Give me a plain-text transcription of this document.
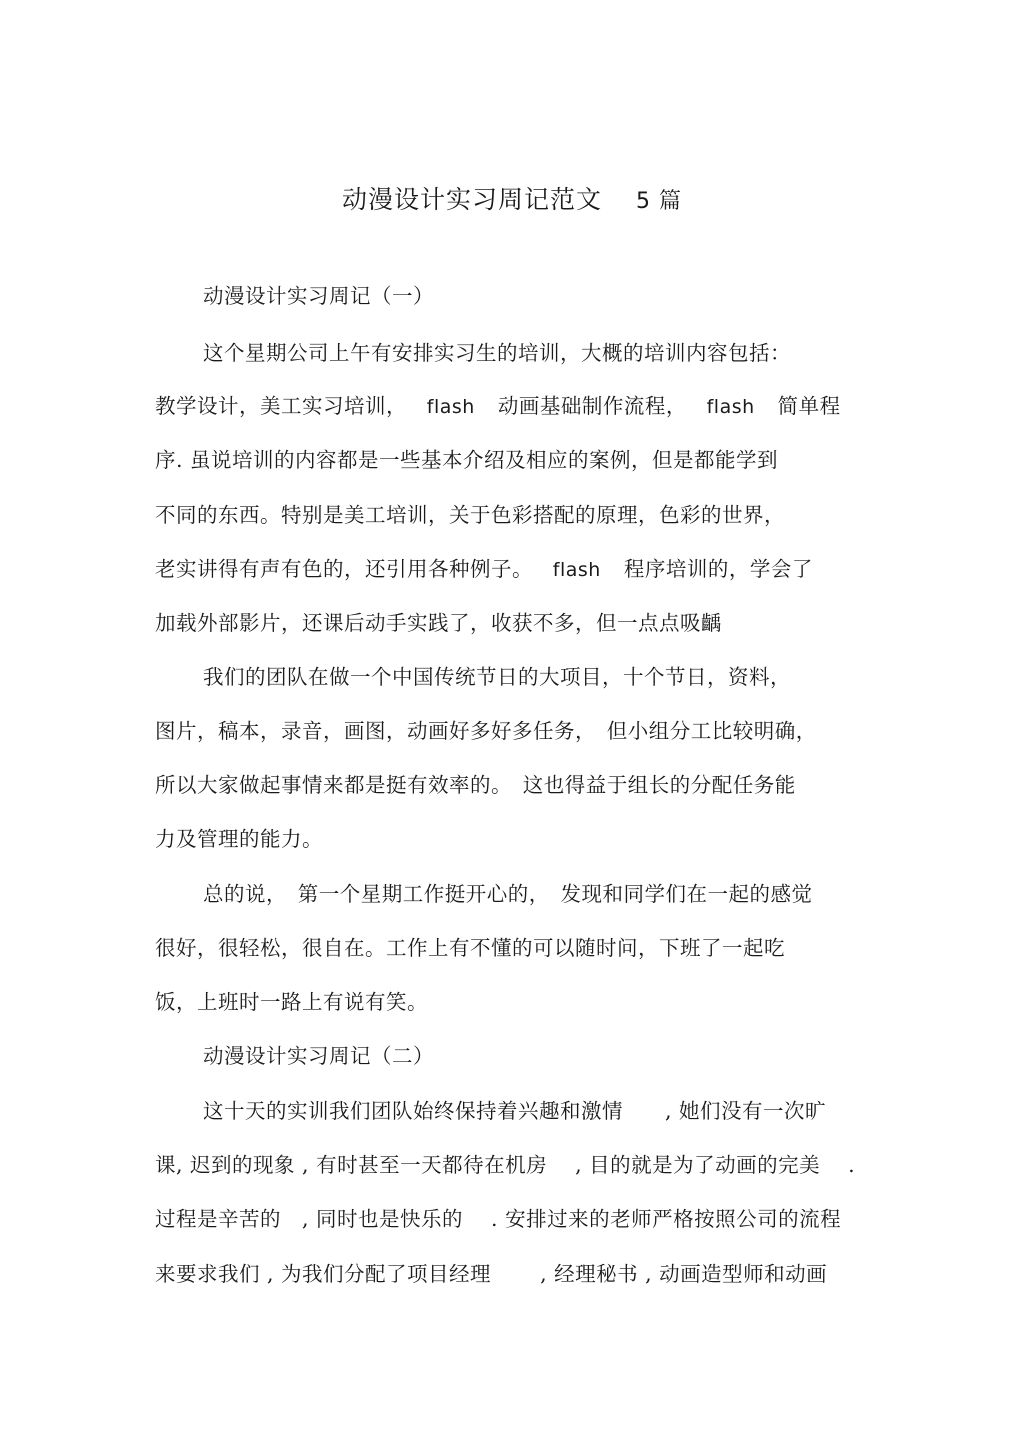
动漫设计实习周记范文 5 篇
动漫设计实习周记（一）
这个星期公司上午有安排实习生的培训，大概的培训内容包括：
教学设计，美工实习培训，　 flash　动画基础制作流程，　 flash　简单程
序. 虽说培训的内容都是一些基本介绍及相应的案例，但是都能学到
不同的东西。特别是美工培训，关于色彩搭配的原理，色彩的世界，
老实讲得有声有色的，还引用各种例子。　 flash　程序培训的，学会了
加载外部影片，还课后动手实践了，收获不多，但一点点吸齲
我们的团队在做一个中国传统节日的大项目，十个节日，资料，
图片，稿本，录音，画图，动画好多好多任务，　但小组分工比较明确，
所以大家做起事情来都是挺有效率的。　这也得益于组长的分配任务能
力及管理的能力。
总的说，　第一个星期工作挺开心的，　发现和同学们在一起的感觉
很好，很轻松，很自在。工作上有不懂的可以随时问，下班了一起吃
饭，上班时一路上有说有笑。
动漫设计实习周记（二）
这十天的实训我们团队始终保持着兴趣和激情　　, 她们没有一次旷
课, 迟到的现象 , 有时甚至一天都待在机房　 , 目的就是为了动画的完美　 .
过程是辛苦的　, 同时也是快乐的　 . 安排过来的老师严格按照公司的流程
来要求我们 , 为我们分配了项目经理　　 , 经理秘书 , 动画造型师和动画
